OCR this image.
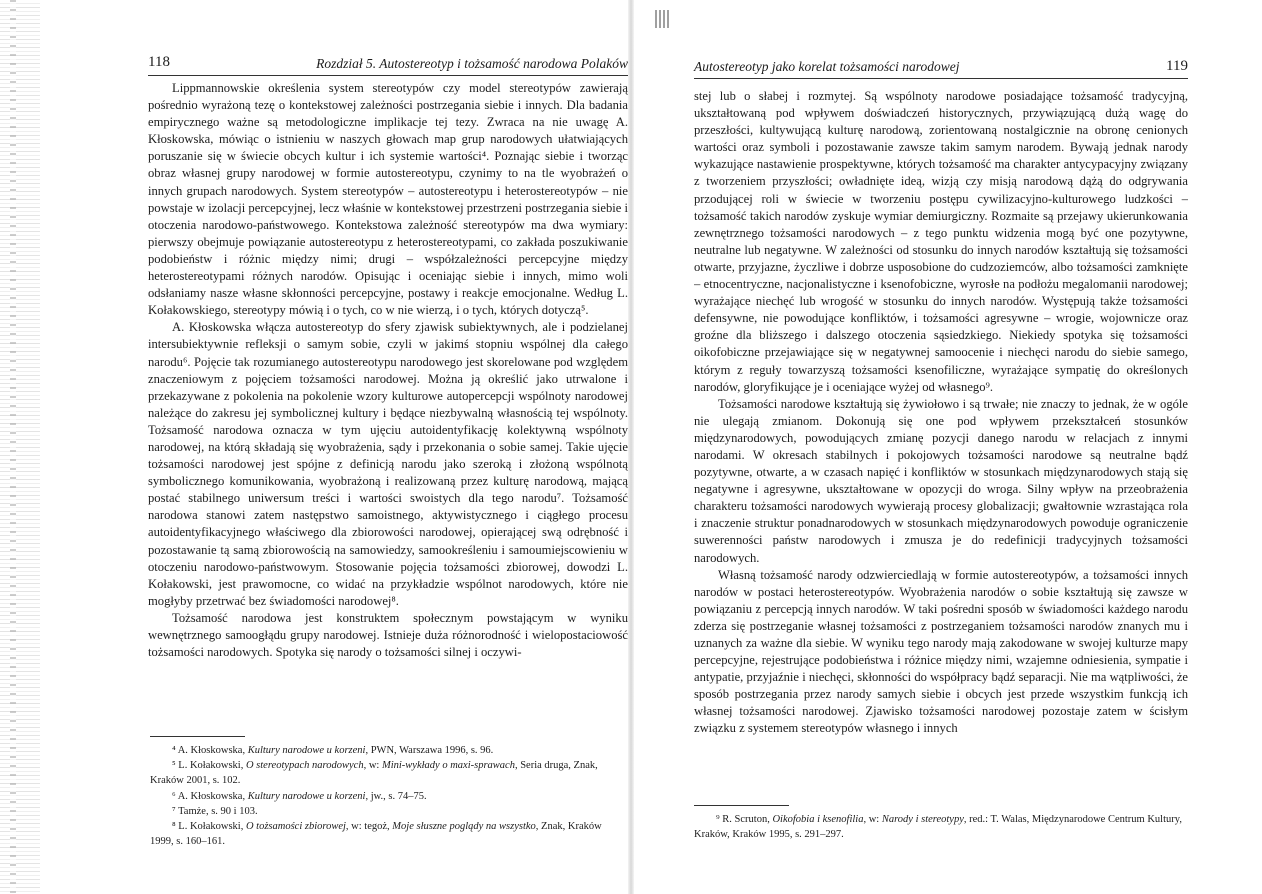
118	Rozdział 5. Autostereotyp i tożsamość narodowa Polaków

Lippmannowskie określenia system stereotypów czy model stereotypów zawierają pośrednio wyrażoną tezę o kontekstowej zależności postrzegania siebie i innych. Dla badania empirycznego ważne są metodologiczne implikacje tej tezy. Zwraca na nie uwagę A. Kłoskowska, mówiąc o istnieniu w naszych głowach map grup narodowych ułatwiających poruszanie się w świecie obcych kultur i ich systemie wartości⁴. Poznając siebie i tworząc obraz własnej grupy narodowej w formie autostereotypu, czynimy to na tle wyobrażeń o innych grupach narodowych. System stereotypów – autostereotypu i heterostereotypów – nie powstaje w izolacji percepcyjnej, lecz właśnie w kontekstowej przestrzeni postrzegania siebie i otoczenia narodowo-państwowego. Kontekstowa zależność stereotypów ma dwa wymiary: pierwszy obejmuje powiązanie autostereotypu z heterostereotypami, co zakłada poszukiwanie podobieństw i różnic między nimi; drugi – współzależności percepcyjne między heterostereotypami różnych narodów. Opisując i oceniając siebie i innych, mimo woli odsłaniamy nasze własne skłonności percepcyjne, postawy i reakcje emocjonalne. Według L. Kołakowskiego, stereotypy mówią i o tych, co w nie wierzą, i o tych, których dotyczą⁵.

A. Kłoskowska włącza autostereotyp do sfery zjawisk subiektywnych, ale i podzielanej intersubiektywnie refleksji o samym sobie, czyli w jakimś stopniu wspólnej dla całego narodu⁶. Pojęcie tak rozumianego autostereotypu narodowego jest skorelowane pod względem znaczeniowym z pojęciem tożsamości narodowej. Można ją określić jako utrwalone i przekazywane z pokolenia na pokolenie wzory kulturowe autopercepcji wspólnoty narodowej należące do zakresu jej symbolicznej kultury i będące niezbywalną własnością tej wspólnoty. Tożsamość narodowa oznacza w tym ujęciu autoidentyfikację kolektywną wspólnoty narodowej, na którą składają się wyobrażenia, sądy i przekonania o sobie samej. Takie ujęcie tożsamości narodowej jest spójne z definicją narodu jako szeroką i złożoną wspólnotą symbolicznego komunikowania, wyobrażoną i realizowaną przez kulturę narodową, mającą postać stabilnego uniwersum treści i wartości swoistych dla tego narodu⁷. Tożsamość narodowa stanowi zatem następstwo samoistnego, aktywistycznego i ciągłego procesu autoidentyfikacyjnego właściwego dla zbiorowości narodowej, opierającej swą odrębność i pozostawanie tą samą zbiorowością na samowiedzy, samookreśleniu i samoumiejscowieniu w otoczeniu narodowo-państwowym. Stosowanie pojęcia tożsamości zbiorowej, dowodzi L. Kołakowski, jest prawomocne, co widać na przykładzie wspólnot narodowych, które nie mogłyby przetrwać bez świadomości narodowej⁸.

Tożsamość narodowa jest konstruktem społecznym powstającym w wyniku wewnętrznego samoogłądu grupy narodowej. Istnieje duża różnorodność i wielopostaciowość tożsamości narodowych. Spotyka się narody o tożsamości silnej i oczywi-

⁴ A. Kłoskowska, Kultury narodowe u korzeni, PWN, Warszawa 1996, s. 96.

⁵ L. Kołakowski, O stereotypach narodowych, w: Mini-wykłady o maxi-sprawach, Seria druga, Znak, Kraków 2001, s. 102.

⁶ A. Kłoskowska, Kultury narodowe u korzeni, jw., s. 74–75.

⁷ Tamże, s. 90 i 103.

⁸ L. Kołakowski, O tożsamości zbiorowej, w: tegoż, Moje słuszne poglądy na wszystko, Znak, Kraków 1999, s. 160–161.

Autostereotyp jako korelat tożsamości narodowej	119

stej lub o słabej i rozmytej. Są wspólnoty narodowe posiadające tożsamość tradycyjną, ukształtowaną pod wpływem doświadczeń historycznych, przywiązującą dużą wagę do przeszłości, kultywującą kulturę narodową, zorientowaną nostalgicznie na obronę cenionych wartości oraz symboli i pozostawanie zawsze takim samym narodem. Bywają jednak narody wykazujące nastawienie prospektywne, których tożsamość ma charakter antycypacyjny związany z tworzeniem przyszłości; owładnięte ideą, wizją czy misją narodową dążą do odgrywania przodującej roli w świecie w tworzeniu postępu cywilizacyjno-kulturowego ludzkości – tożsamość takich narodów zyskuje wymiar demiurgiczny. Rozmaite są przejawy ukierunkowania zewnętrznego tożsamości narodowych – z tego punktu widzenia mogą być one pozytywne, neutralne lub negatywne. W zależności od stosunku do innych narodów kształtują się tożsamości otwarte, przyjazne, życzliwe i dobrze usposobione do cudzoziemców, albo tożsamości zamknięte – etnocentryczne, nacjonalistyczne i ksenofobiczne, wyrosłe na podłożu megalomanii narodowej; wyrażające niechęć lub wrogość w stosunku do innych narodów. Występują także tożsamości defensywne, nie powodujące konfliktów, i tożsamości agresywne – wrogie, wojownicze oraz groźne dla bliższego i dalszego otoczenia sąsiedzkiego. Niekiedy spotyka się tożsamości oikofobiczne przejawiające się w negatywnej samoocenie i niechęci narodu do siebie samego, którym z reguły towarzyszą tożsamości ksenofiliczne, wyrażające sympatię do określonych narodów, gloryfikujące je i oceniające wyżej od własnego⁹.

Tożsamości narodowe kształtują się żywiołowo i są trwałe; nie znaczy to jednak, że w ogóle nie ulegają zmianom. Dokonują się one pod wpływem przekształceń stosunków międzynarodowych, powodujących zmianę pozycji danego narodu w relacjach z innymi narodami. W okresach stabilnych i pokojowych tożsamości narodowe są neutralne bądź pozytywne, otwarte, a w czasach napięć i konfliktów w stosunkach międzynarodowych stają się negatywne i agresywne, ukształtowane w opozycji do wroga. Silny wpływ na przeobrażenia charakteru tożsamości narodowych wywierają procesy globalizacji; gwałtownie wzrastająca rola i znaczenie struktur ponadnarodowych w stosunkach międzynarodowych powoduje ograniczenie suwerenności państw narodowych i zmusza je do redefinicji tradycyjnych tożsamości narodowych.

Własną tożsamość narody odzwierciedlają w formie autostereotypów, a tożsamości innych narodów w postaci heterostereotypów. Wyobrażenia narodów o sobie kształtują się zawsze w powiązaniu z percepcją innych narodów. W taki pośredni sposób w świadomości każdego narodu zderza się postrzeganie własnej tożsamości z postrzeganiem tożsamości narodów znanych mu i uznanych za ważne dla siebie. W wyniku tego narody mają zakodowane w swojej kulturze mapy percepcyjne, rejestrujące podobieństwa i różnice między nimi, wzajemne odniesienia, sympatie i antypatie, przyjaźnie i niechęci, skłonności do współpracy bądź separacji. Nie ma wątpliwości, że sposób postrzegania przez narody samych siebie i obcych jest przede wszystkim funkcją ich własnej tożsamości narodowej. Zjawisko tożsamości narodowej pozostaje zatem w ścisłym związku z systemem stereotypów własnego i innych

⁹ R. Scruton, Oikofobia i ksenofilia, w: Narody i stereotypy, red.: T. Walas, Międzynarodowe Centrum Kultury, Kraków, Kraków 1995, s. 291–297.
